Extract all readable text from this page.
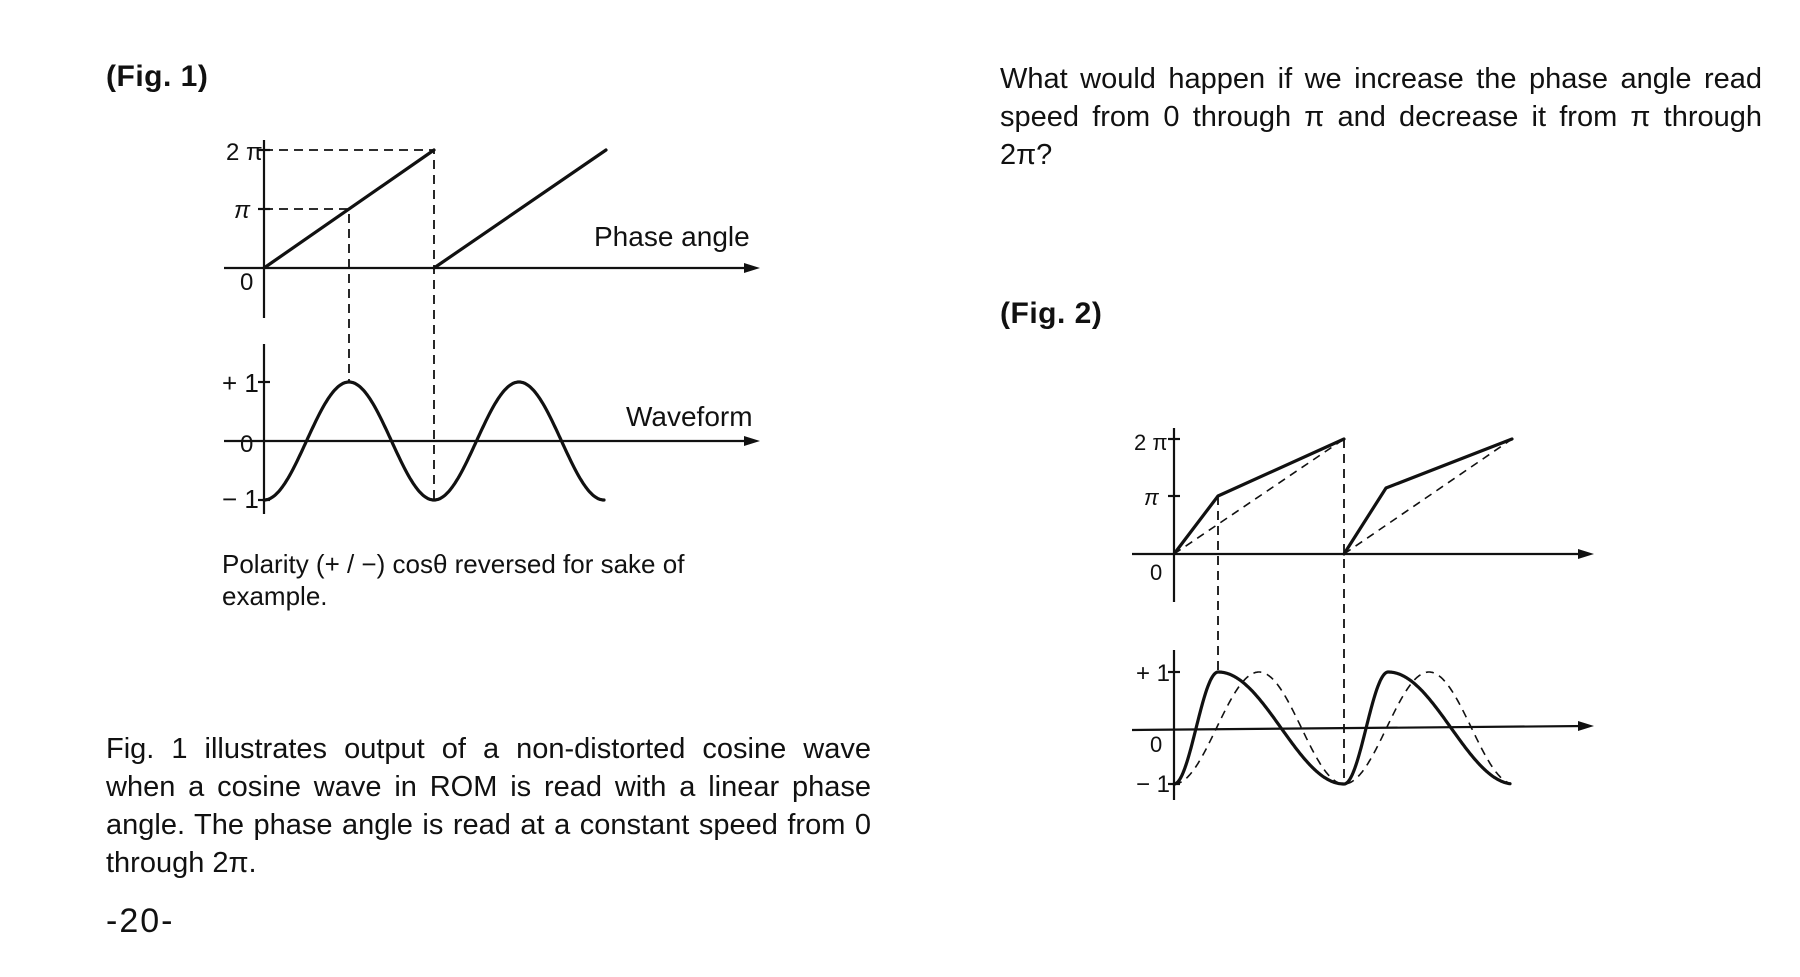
(Fig. 1)
2 π
π
0
Phase angle
+ 1
0
− 1
Waveform
Polarity (+ / −) cosθ reversed for sake of example.
Fig. 1 illustrates output of a non-distorted cosine wave when a cosine wave in ROM is read with a linear phase angle. The phase angle is read at a constant speed from 0 through 2π.
-20-
What would happen if we increase the phase angle read speed from 0 through π and decrease it from π through 2π?
(Fig. 2)
2 π
π
0
+ 1
0
− 1
